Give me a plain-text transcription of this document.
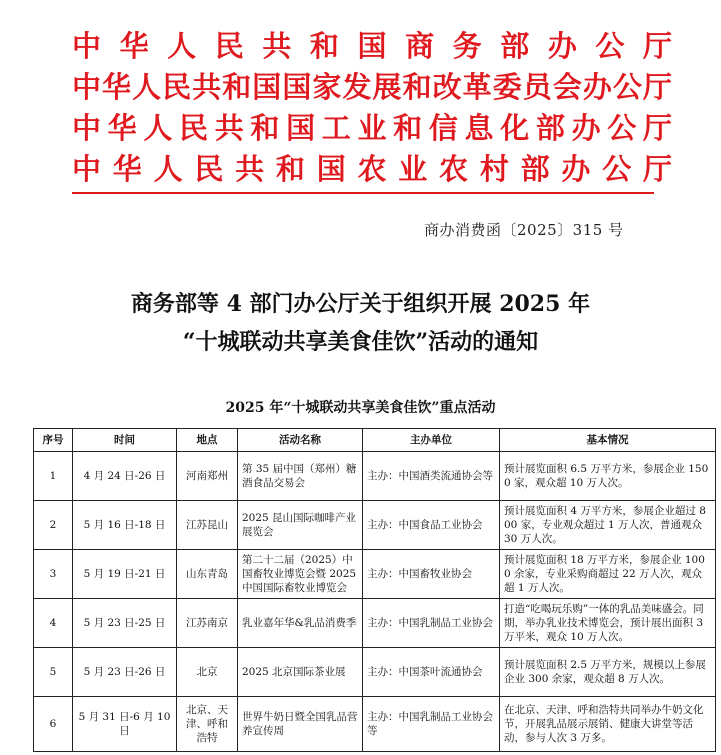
中华人民共和国商务部办公厅
中华人民共和国国家发展和改革委员会办公厅
中华人民共和国工业和信息化部办公厅
中华人民共和国农业农村部办公厅
商办消费函〔2025〕315 号
商务部等 4 部门办公厅关于组织开展 2025 年
“十城联动共享美食佳饮”活动的通知
2025 年“十城联动共享美食佳饮”重点活动
序号	时间	地点	活动名称	主办单位	基本情况
1	4 月 24 日-26 日	河南郑州	第 35 届中国（郑州）糖酒食品交易会	主办：中国酒类流通协会等	预计展览面积 6.5 万平方米，参展企业 1500 家，观众超 10 万人次。
2	5 月 16 日-18 日	江苏昆山	2025 昆山国际咖啡产业展览会	主办：中国食品工业协会	预计展览面积 4 万平方米，参展企业超过 800 家，专业观众超过 1 万人次，普通观众 30 万人次。
3	5 月 19 日-21 日	山东青岛	第二十二届（2025）中国畜牧业博览会暨 2025 中国国际畜牧业博览会	主办：中国畜牧业协会	预计展览面积 18 万平方米，参展企业 1000 余家，专业采购商超过 22 万人次，观众超 1 万人次。
4	5 月 23 日-25 日	江苏南京	乳业嘉年华&乳品消费季	主办：中国乳制品工业协会	打造“吃喝玩乐购”一体的乳品美味盛会。同期，举办乳业技术博览会，预计展出面积 3 万平米，观众 10 万人次。
5	5 月 23 日-26 日	北京	2025 北京国际茶业展	主办：中国茶叶流通协会	预计展览面积 2.5 万平方米，规模以上参展企业 300 余家，观众超 8 万人次。
6	5 月 31 日-6 月 10 日	北京、天津、呼和浩特	世界牛奶日暨全国乳品营养宣传周	主办：中国乳制品工业协会等	在北京、天津、呼和浩特共同举办牛奶文化节，开展乳品展示展销、健康大讲堂等活动，参与人次 3 万多。
